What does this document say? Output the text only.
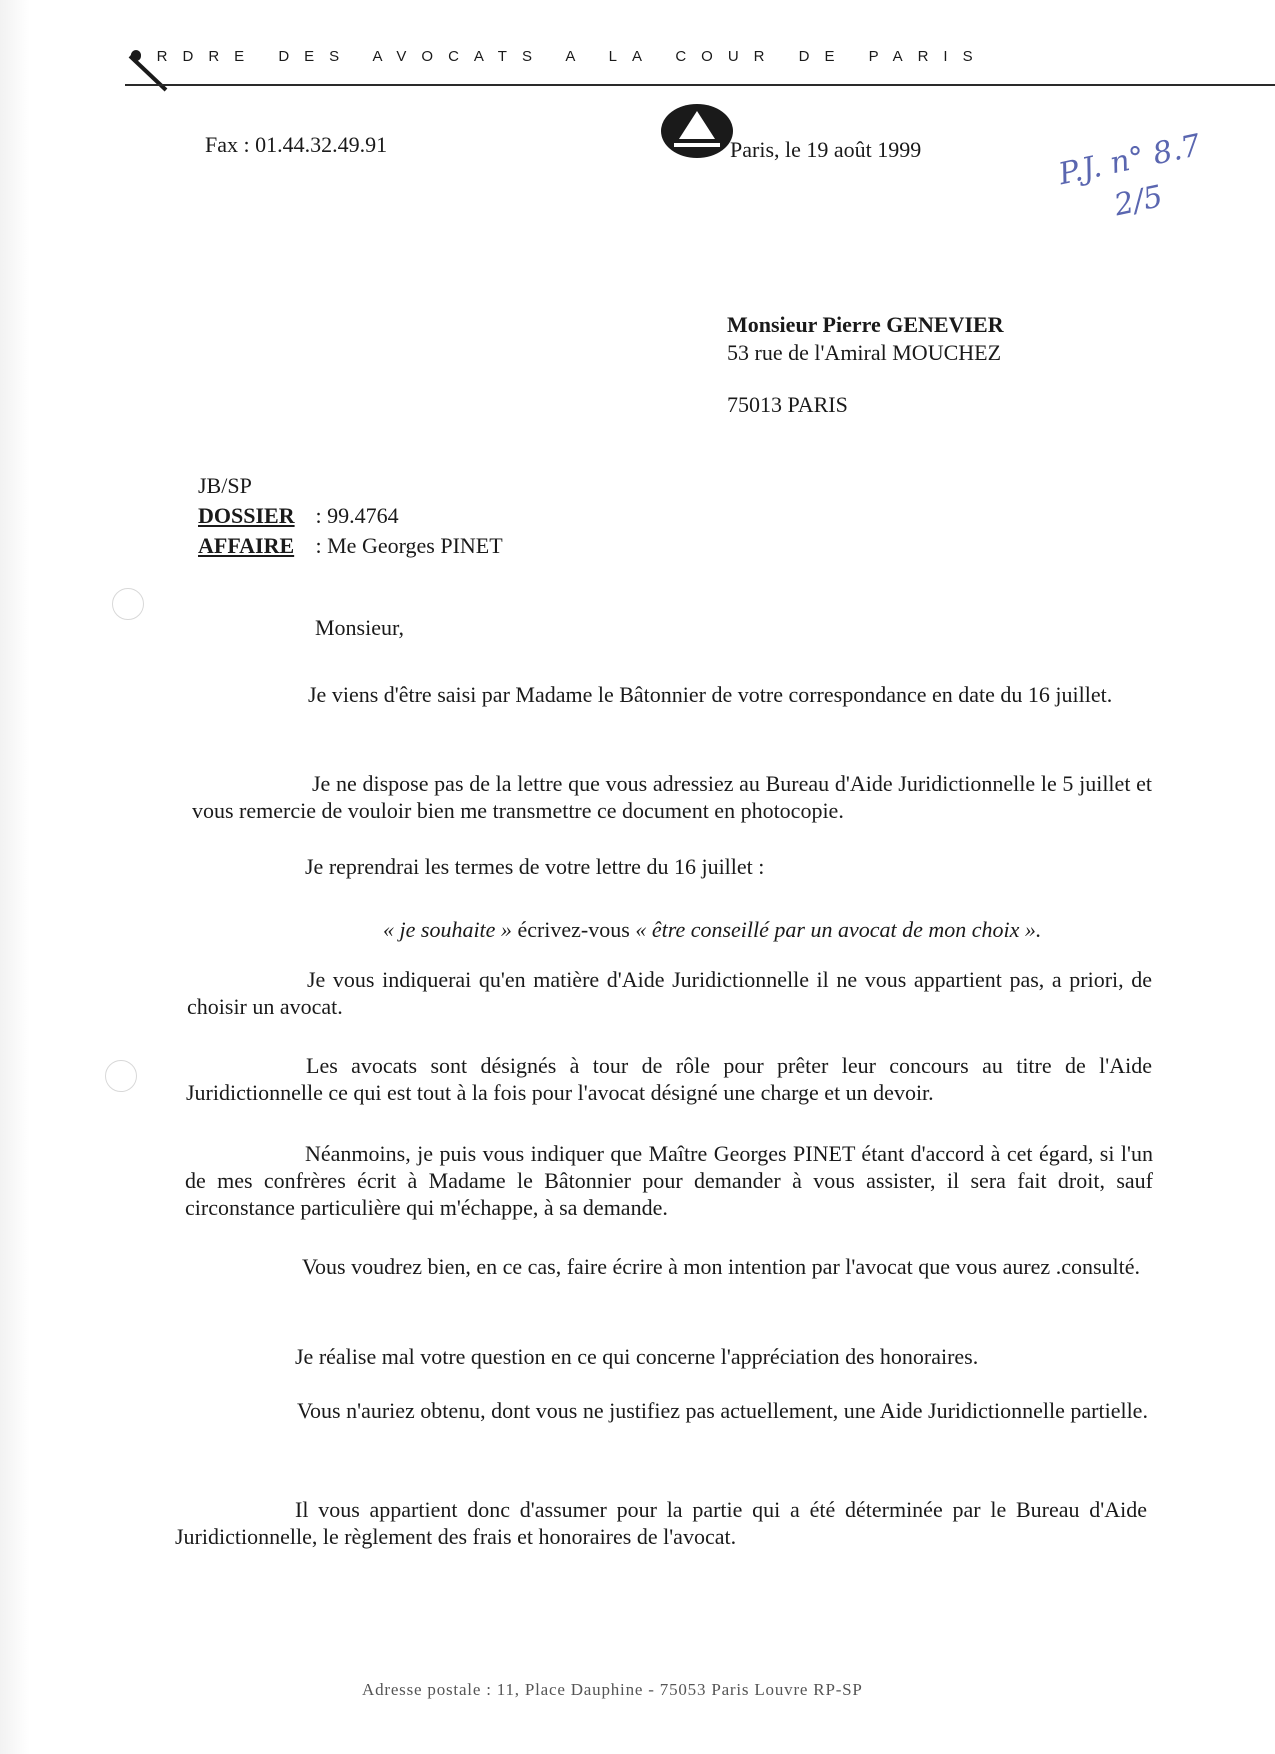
ORDRE DES AVOCATS A LA COUR DE PARIS
Fax : 01.44.32.49.91	Paris, le 19 août 1999	P.J. n° 8.7
2/5
Monsieur Pierre GENEVIER
53 rue de l'Amiral MOUCHEZ
75013 PARIS
JB/SP
DOSSIER : 99.4764
AFFAIRE : Me Georges PINET
Monsieur,
Je viens d'être saisi par Madame le Bâtonnier de votre correspondance en date du 16 juillet.
Je ne dispose pas de la lettre que vous adressiez au Bureau d'Aide Juridictionnelle le 5 juillet et vous remercie de vouloir bien me transmettre ce document en photocopie.
Je reprendrai les termes de votre lettre du 16 juillet :
« je souhaite » écrivez-vous « être conseillé par un avocat de mon choix ».
Je vous indiquerai qu'en matière d'Aide Juridictionnelle il ne vous appartient pas, a priori, de choisir un avocat.
Les avocats sont désignés à tour de rôle pour prêter leur concours au titre de l'Aide Juridictionnelle ce qui est tout à la fois pour l'avocat désigné une charge et un devoir.
Néanmoins, je puis vous indiquer que Maître Georges PINET étant d'accord à cet égard, si l'un de mes confrères écrit à Madame le Bâtonnier pour demander à vous assister, il sera fait droit, sauf circonstance particulière qui m'échappe, à sa demande.
Vous voudrez bien, en ce cas, faire écrire à mon intention par l'avocat que vous aurez .consulté.
Je réalise mal votre question en ce qui concerne l'appréciation des honoraires.
Vous n'auriez obtenu, dont vous ne justifiez pas actuellement, une Aide Juridictionnelle partielle.
Il vous appartient donc d'assumer pour la partie qui a été déterminée par le Bureau d'Aide Juridictionnelle, le règlement des frais et honoraires de l'avocat.
Adresse postale : 11, Place Dauphine - 75053 Paris Louvre RP-SP
